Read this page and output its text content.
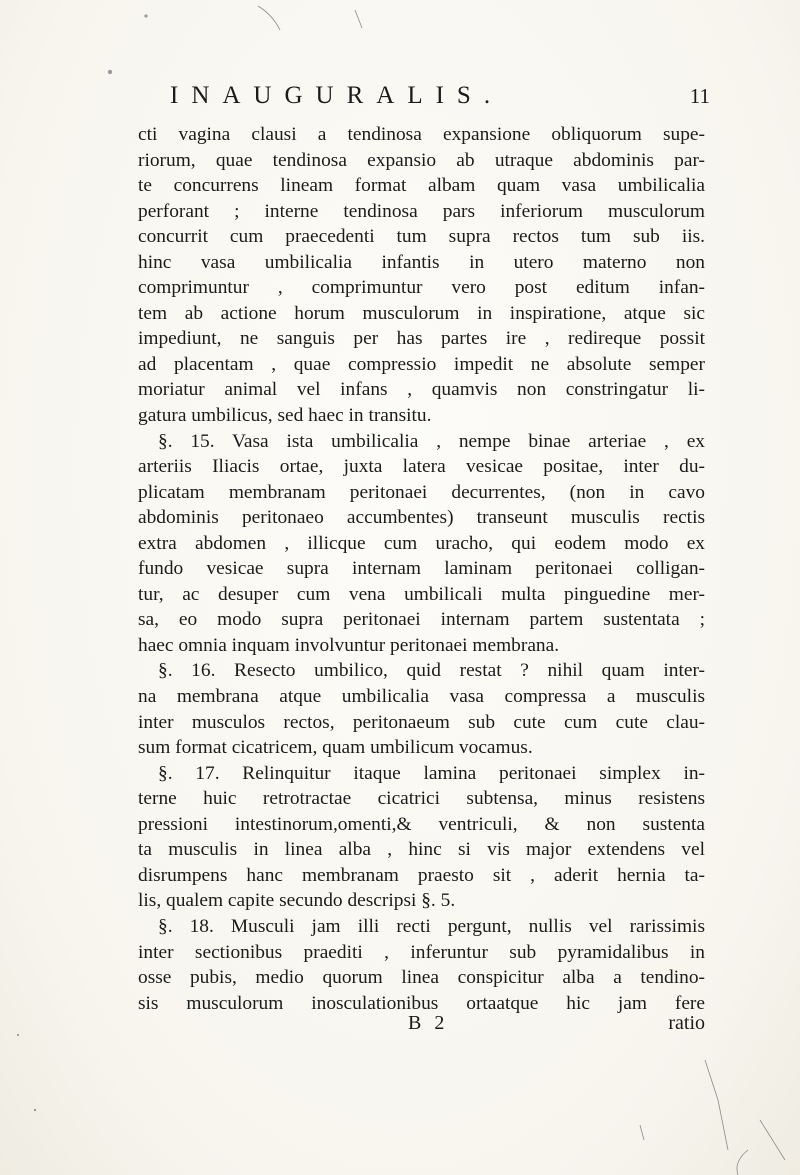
INAUGURALIS.	11
cti vagina clausi a tendinosa expansione obliquorum supe-
riorum, quae tendinosa expansio ab utraque abdominis par-
te concurrens lineam format albam quam vasa umbilicalia
perforant ; interne tendinosa pars inferiorum musculorum
concurrit cum praecedenti tum supra rectos tum sub iis.
hinc vasa umbilicalia infantis in utero materno non
comprimuntur , comprimuntur vero post editum infan-
tem ab actione horum musculorum in inspiratione, atque sic
impediunt, ne sanguis per has partes ire , redireque possit
ad placentam , quae compressio impedit ne absolute semper
moriatur animal vel infans , quamvis non constringatur li-
gatura umbilicus, sed haec in transitu.
§. 15. Vasa ista umbilicalia , nempe binae arteriae , ex
arteriis Iliacis ortae, juxta latera vesicae positae, inter du-
plicatam membranam peritonaei decurrentes, (non in cavo
abdominis peritonaeo accumbentes) transeunt musculis rectis
extra abdomen , illicque cum uracho, qui eodem modo ex
fundo vesicae supra internam laminam peritonaei colligan-
tur, ac desuper cum vena umbilicali multa pinguedine mer-
sa, eo modo supra peritonaei internam partem sustentata ;
haec omnia inquam involvuntur peritonaei membrana.
§. 16. Resecto umbilico, quid restat ? nihil quam inter-
na membrana atque umbilicalia vasa compressa a musculis
inter musculos rectos, peritonaeum sub cute cum cute clau-
sum format cicatricem, quam umbilicum vocamus.
§. 17. Relinquitur itaque lamina peritonaei simplex in-
terne huic retrotractae cicatrici subtensa, minus resistens
pressioni intestinorum,omenti,& ventriculi, & non sustenta
ta musculis in linea alba , hinc si vis major extendens vel
disrumpens hanc membranam praesto sit , aderit hernia ta-
lis, qualem capite secundo descripsi §. 5.
§. 18. Musculi jam illi recti pergunt, nullis vel rarissimis
inter sectionibus praediti , inferuntur sub pyramidalibus in
osse pubis, medio quorum linea conspicitur alba a tendino-
sis musculorum inosculationibus ortaatque hic jam fere
B 2	ratio
